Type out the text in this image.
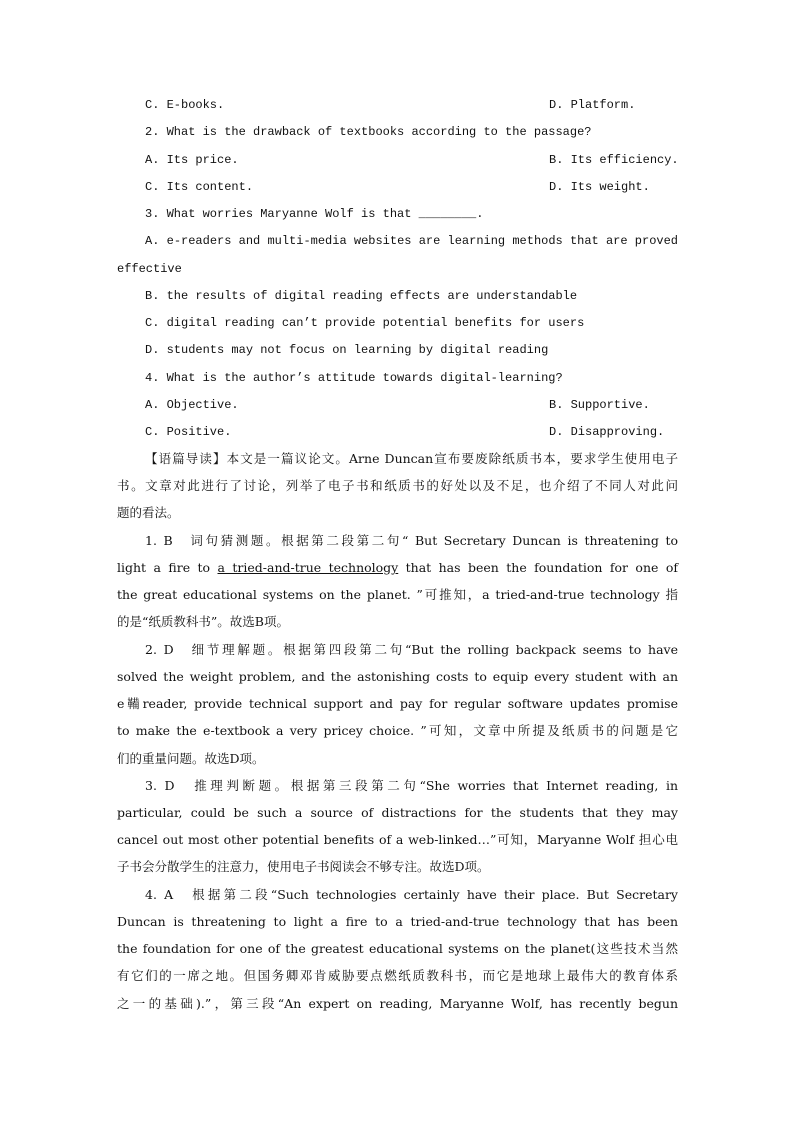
C. E-books.	D. Platform.
2. What is the drawback of textbooks according to the passage?
A. Its price.	B. Its efficiency.
C. Its content.	D. Its weight.
3. What worries Maryanne Wolf is that ________.
A. e-readers and multi-media websites are learning methods that are proved
effective
B. the results of digital reading effects are understandable
C. digital reading can’t provide potential benefits for users
D. students may not focus on learning by digital reading
4. What is the author’s attitude towards digital-learning?
A. Objective.	B. Supportive.
C. Positive.	D. Disapproving.
【语篇导读】本文是一篇议论文。Arne Duncan宣布要废除纸质书本，要求学生使用电子
书。文章对此进行了讨论，列举了电子书和纸质书的好处以及不足，也介绍了不同人对此问
题的看法。
1. B　词句猜测题。根据第二段第二句“ But Secretary Duncan is threatening to
light a fire to a tried-and-true technology that has been the foundation for one of
the great educational systems on the planet. ”可推知，a tried-and-true technology 指
的是“纸质教科书”。故选B项。
2. D　细节理解题。根据第四段第二句“But the rolling backpack seems to have
solved the weight problem, and the astonishing costs to equip every student with an
e鞴reader, provide technical support and pay for regular software updates promise
to make the e-textbook a very pricey choice. ”可知，文章中所提及纸质书的问题是它
们的重量问题。故选D项。
3. D　推理判断题。根据第三段第二句“She worries that Internet reading, in
particular, could be such a source of distractions for the students that they may
cancel out most other potential benefits of a web-linked…”可知，Maryanne Wolf 担心电
子书会分散学生的注意力，使用电子书阅读会不够专注。故选D项。
4. A　根据第二段“Such technologies certainly have their place. But Secretary
Duncan is threatening to light a fire to a tried-and-true technology that has been
the foundation for one of the greatest educational systems on the planet(这些技术当然
有它们的一席之地。但国务卿邓肯威胁要点燃纸质教科书，而它是地球上最伟大的教育体系
之一的基础).”，第三段“An expert on reading, Maryanne Wolf, has recently begun
